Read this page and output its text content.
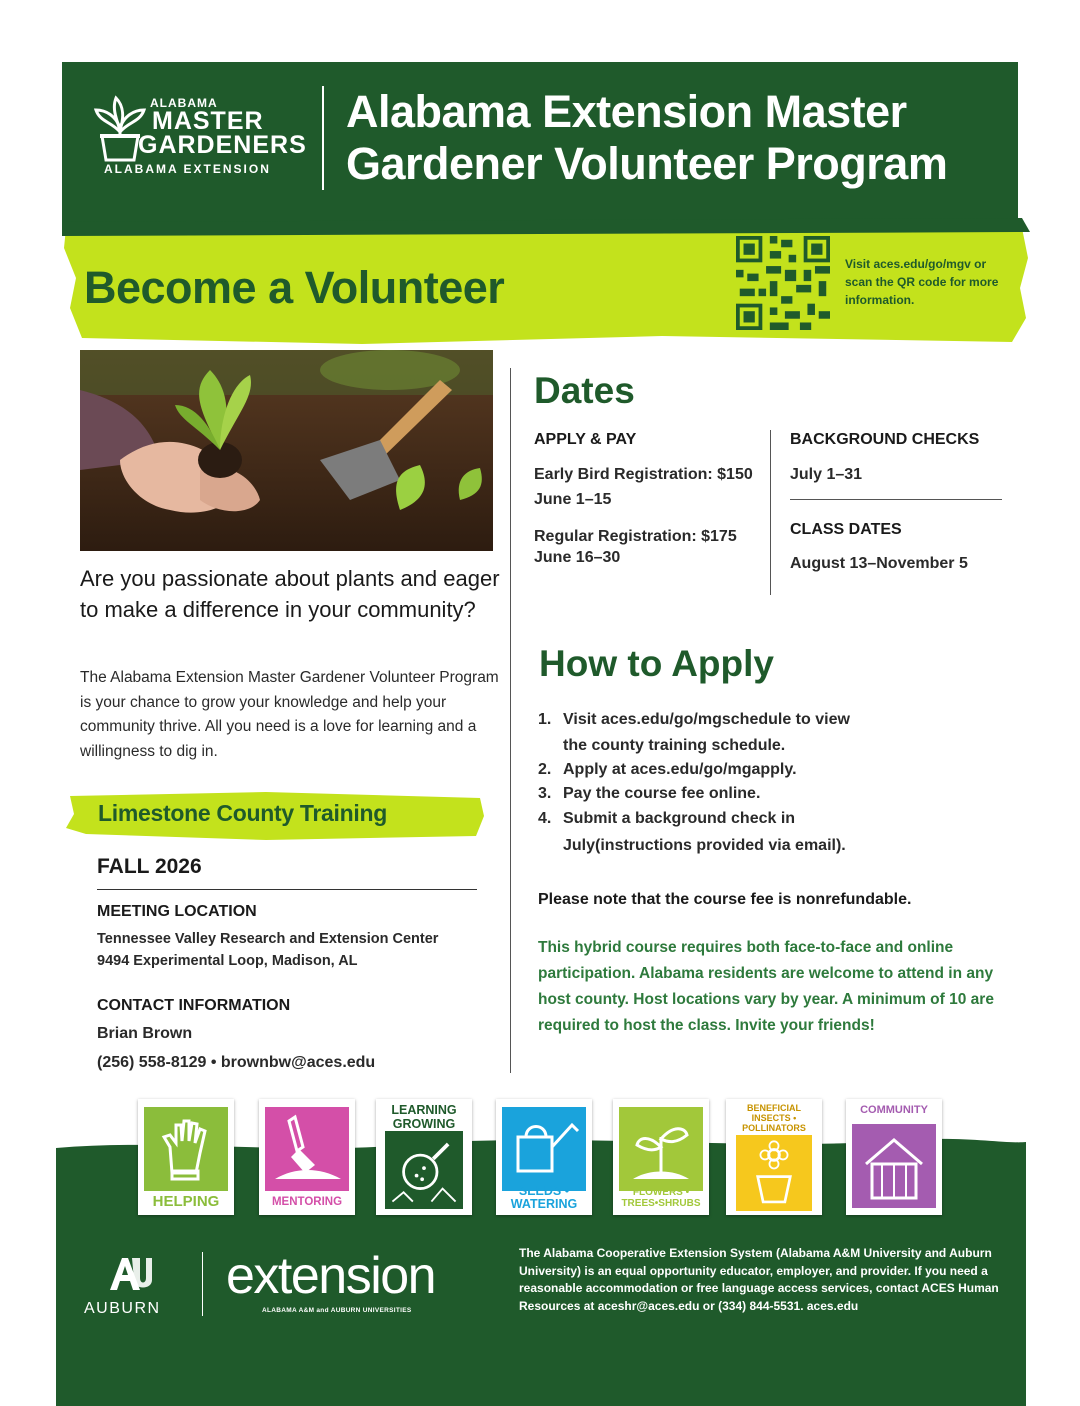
ALABAMA
MASTER
GARDENERS
ALABAMA EXTENSION
Alabama Extension Master Gardener Volunteer Program
Become a Volunteer	Visit aces.edu/go/mgv or scan the QR code for more information.
Are you passionate about plants and eager to make a difference in your community?
The Alabama Extension Master Gardener Volunteer Program is your chance to grow your knowledge and help your community thrive. All you need is a love for learning and a willingness to dig in.
Limestone County Training
FALL 2026
MEETING LOCATION
Tennessee Valley Research and Extension Center
9494 Experimental Loop, Madison, AL
CONTACT INFORMATION
Brian Brown
(256) 558-8129 • brownbw@aces.edu
Dates
APPLY & PAY
Early Bird Registration: $150
June 1–15
Regular Registration: $175
June 16–30
BACKGROUND CHECKS
July 1–31
CLASS DATES
August 13–November 5
How to Apply
1. Visit aces.edu/go/mgschedule to view
the county training schedule.
2. Apply at aces.edu/go/mgapply.
3. Pay the course fee online.
4. Submit a background check in
July(instructions provided via email).
Please note that the course fee is nonrefundable.
This hybrid course requires both face-to-face and online participation. Alabama residents are welcome to attend in any host county. Host locations vary by year. A minimum of 10 are required to host the class. Invite your friends!
HELPING	MENTORING
LEARNING GROWING
SEEDS • WATERING
FLOWERS • TREES•SHRUBS
BENEFICIAL INSECTS • POLLINATORS
COMMUNITY
AUBURN
extension
ALABAMA A&M and AUBURN UNIVERSITIES
The Alabama Cooperative Extension System (Alabama A&M University and Auburn University) is an equal opportunity educator, employer, and provider. If you need a reasonable accommodation or free language access services, contact ACES Human Resources at aceshr@aces.edu or (334) 844-5531. aces.edu
